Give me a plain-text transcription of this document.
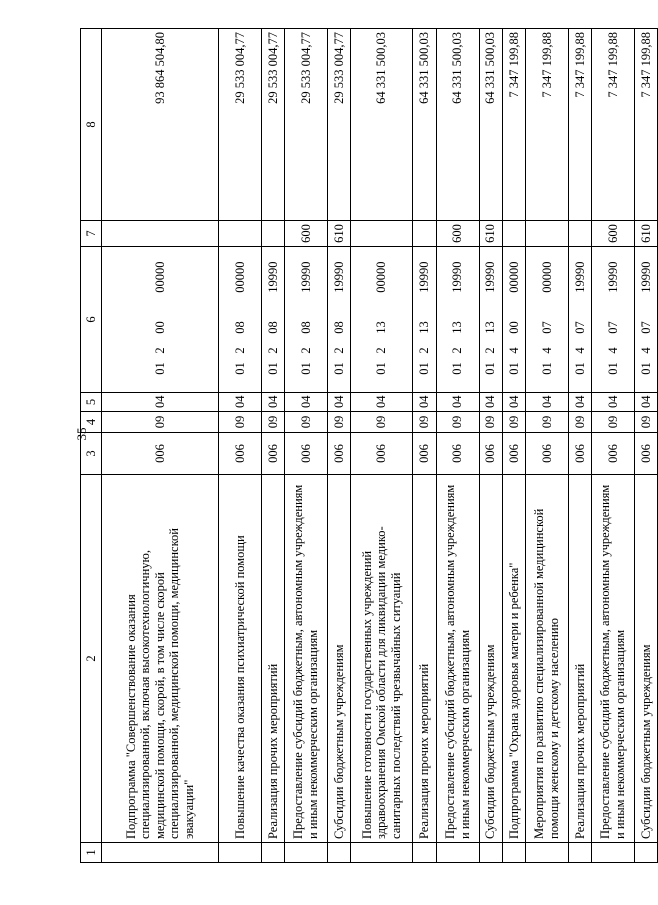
35
1	2	3	4	5	6	7	8
	Подпрограмма "Совершенствование оказания специализированной, включая высокотехнологичную, медицинской помощи, скорой, в том числе скорой специализированной, медицинской помощи, медицинской эвакуации"	006	09	04	0120000000		93 864 504,80
	Повышение качества оказания психиатрической помощи	006	09	04	0120800000		29 533 004,77
	Реализация прочих мероприятий	006	09	04	0120819990		29 533 004,77
	Предоставление субсидий бюджетным, автономным учреждениям и иным некоммерческим организациям	006	09	04	0120819990	600	29 533 004,77
	Субсидии бюджетным учреждениям	006	09	04	0120819990	610	29 533 004,77
	Повышение готовности государственных учреждений здравоохранения Омской области для ликвидации медико-санитарных последствий чрезвычайных ситуаций	006	09	04	0121300000		64 331 500,03
	Реализация прочих мероприятий	006	09	04	0121319990		64 331 500,03
	Предоставление субсидий бюджетным, автономным учреждениям и иным некоммерческим организациям	006	09	04	0121319990	600	64 331 500,03
	Субсидии бюджетным учреждениям	006	09	04	0121319990	610	64 331 500,03
	Подпрограмма "Охрана здоровья матери и ребенка"	006	09	04	0140000000		7 347 199,88
	Мероприятия по развитию специализированной медицинской помощи женскому и детскому населению	006	09	04	0140700000		7 347 199,88
	Реализация прочих мероприятий	006	09	04	0140719990		7 347 199,88
	Предоставление субсидий бюджетным, автономным учреждениям и иным некоммерческим организациям	006	09	04	0140719990	600	7 347 199,88
	Субсидии бюджетным учреждениям	006	09	04	0140719990	610	7 347 199,88
